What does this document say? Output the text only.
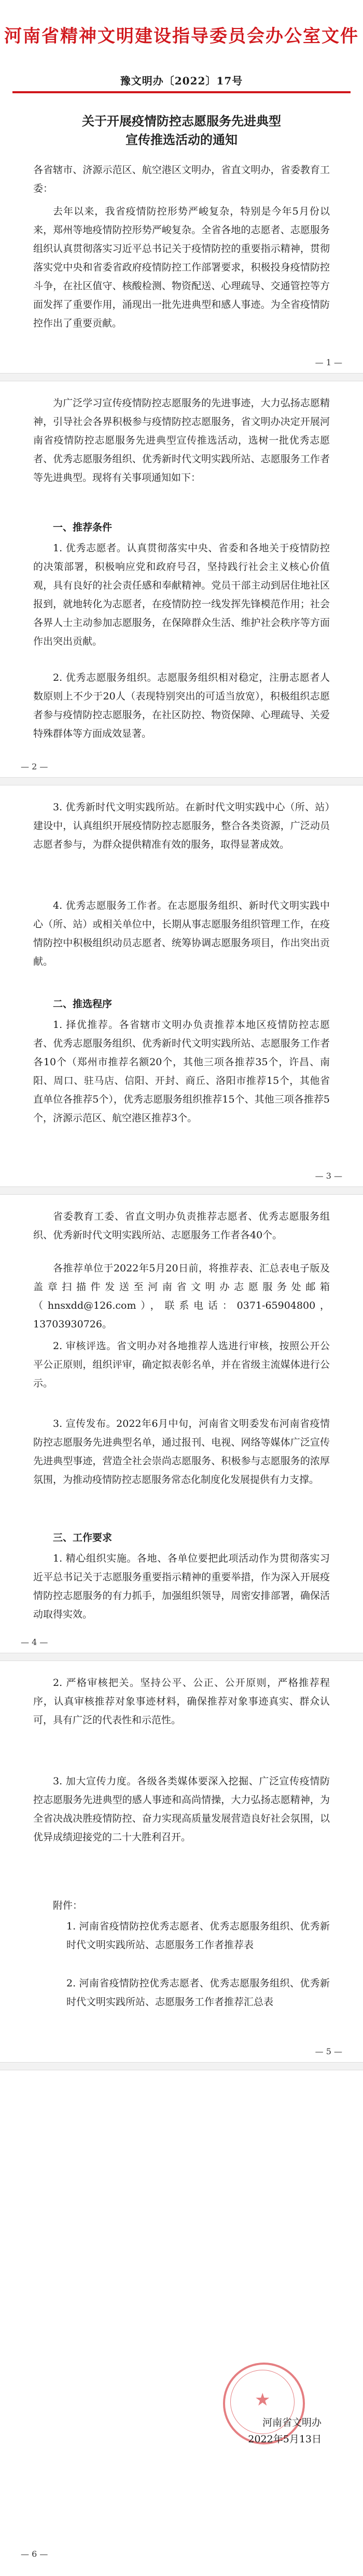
河南省精神文明建设指导委员会办公室文件
豫文明办〔2022〕17号
关于开展疫情防控志愿服务先进典型
宣传推选活动的通知
各省辖市、济源示范区、航空港区文明办，省直文明办，省委教育工委：
去年以来，我省疫情防控形势严峻复杂，特别是今年5月份以来，郑州等地疫情防控形势严峻复杂。全省各地的志愿者、志愿服务组织认真贯彻落实习近平总书记关于疫情防控的重要指示精神，贯彻落实党中央和省委省政府疫情防控工作部署要求，积极投身疫情防控斗争，在社区值守、核酸检测、物资配送、心理疏导、交通管控等方面发挥了重要作用，涌现出一批先进典型和感人事迹。为全省疫情防控作出了重要贡献。
— 1 —
为广泛学习宣传疫情防控志愿服务的先进事迹，大力弘扬志愿精神，引导社会各界积极参与疫情防控志愿服务，省文明办决定开展河南省疫情防控志愿服务先进典型宣传推选活动，选树一批优秀志愿者、优秀志愿服务组织、优秀新时代文明实践所站、志愿服务工作者等先进典型。现将有关事项通知如下：
一、推荐条件
1. 优秀志愿者。认真贯彻落实中央、省委和各地关于疫情防控的决策部署，积极响应党和政府号召，坚持践行社会主义核心价值观，具有良好的社会责任感和奉献精神。党员干部主动到居住地社区报到，就地转化为志愿者，在疫情防控一线发挥先锋模范作用；社会各界人士主动参加志愿服务，在保障群众生活、维护社会秩序等方面作出突出贡献。
2. 优秀志愿服务组织。志愿服务组织相对稳定，注册志愿者人数原则上不少于20人（表现特别突出的可适当放宽），积极组织志愿者参与疫情防控志愿服务，在社区防控、物资保障、心理疏导、关爱特殊群体等方面成效显著。
— 2 —
3. 优秀新时代文明实践所站。在新时代文明实践中心（所、站）建设中，认真组织开展疫情防控志愿服务，整合各类资源，广泛动员志愿者参与，为群众提供精准有效的服务，取得显著成效。
4. 优秀志愿服务工作者。在志愿服务组织、新时代文明实践中心（所、站）或相关单位中，长期从事志愿服务组织管理工作，在疫情防控中积极组织动员志愿者、统筹协调志愿服务项目，作出突出贡献。
二、推选程序
1. 择优推荐。各省辖市文明办负责推荐本地区疫情防控志愿者、优秀志愿服务组织、优秀新时代文明实践所站、志愿服务工作者各10个（郑州市推荐名额20个，其他三项各推荐35个，许昌、南阳、周口、驻马店、信阳、开封、商丘、洛阳市推荐15个，其他省直单位各推荐5个），优秀志愿服务组织推荐15个、其他三项各推荐5个，济源示范区、航空港区推荐3个。
— 3 —
省委教育工委、省直文明办负责推荐志愿者、优秀志愿服务组织、优秀新时代文明实践所站、志愿服务工作者各40个。
各推荐单位于2022年5月20日前，将推荐表、汇总表电子版及盖章扫描件发送至河南省文明办志愿服务处邮箱（hnsxdd@126.com），联系电话：0371-65904800，13703930726。
2. 审核评选。省文明办对各地推荐人选进行审核，按照公开公平公正原则，组织评审，确定拟表彰名单，并在省级主流媒体进行公示。
3. 宣传发布。2022年6月中旬，河南省文明委发布河南省疫情防控志愿服务先进典型名单，通过报刊、电视、网络等媒体广泛宣传先进典型事迹，营造全社会崇尚志愿服务、积极参与志愿服务的浓厚氛围，为推动疫情防控志愿服务常态化制度化发展提供有力支撑。
三、工作要求
1. 精心组织实施。各地、各单位要把此项活动作为贯彻落实习近平总书记关于志愿服务重要指示精神的重要举措，作为深入开展疫情防控志愿服务的有力抓手，加强组织领导，周密安排部署，确保活动取得实效。
— 4 —
2. 严格审核把关。坚持公平、公正、公开原则，严格推荐程序，认真审核推荐对象事迹材料，确保推荐对象事迹真实、群众认可，具有广泛的代表性和示范性。
3. 加大宣传力度。各级各类媒体要深入挖掘、广泛宣传疫情防控志愿服务先进典型的感人事迹和高尚情操，大力弘扬志愿精神，为全省决战决胜疫情防控、奋力实现高质量发展营造良好社会氛围，以优异成绩迎接党的二十大胜利召开。
附件：
1. 河南省疫情防控优秀志愿者、优秀志愿服务组织、优秀新时代文明实践所站、志愿服务工作者推荐表
2. 河南省疫情防控优秀志愿者、优秀志愿服务组织、优秀新时代文明实践所站、志愿服务工作者推荐汇总表
— 5 —
★
河南省文明办
2022年5月13日
— 6 —
